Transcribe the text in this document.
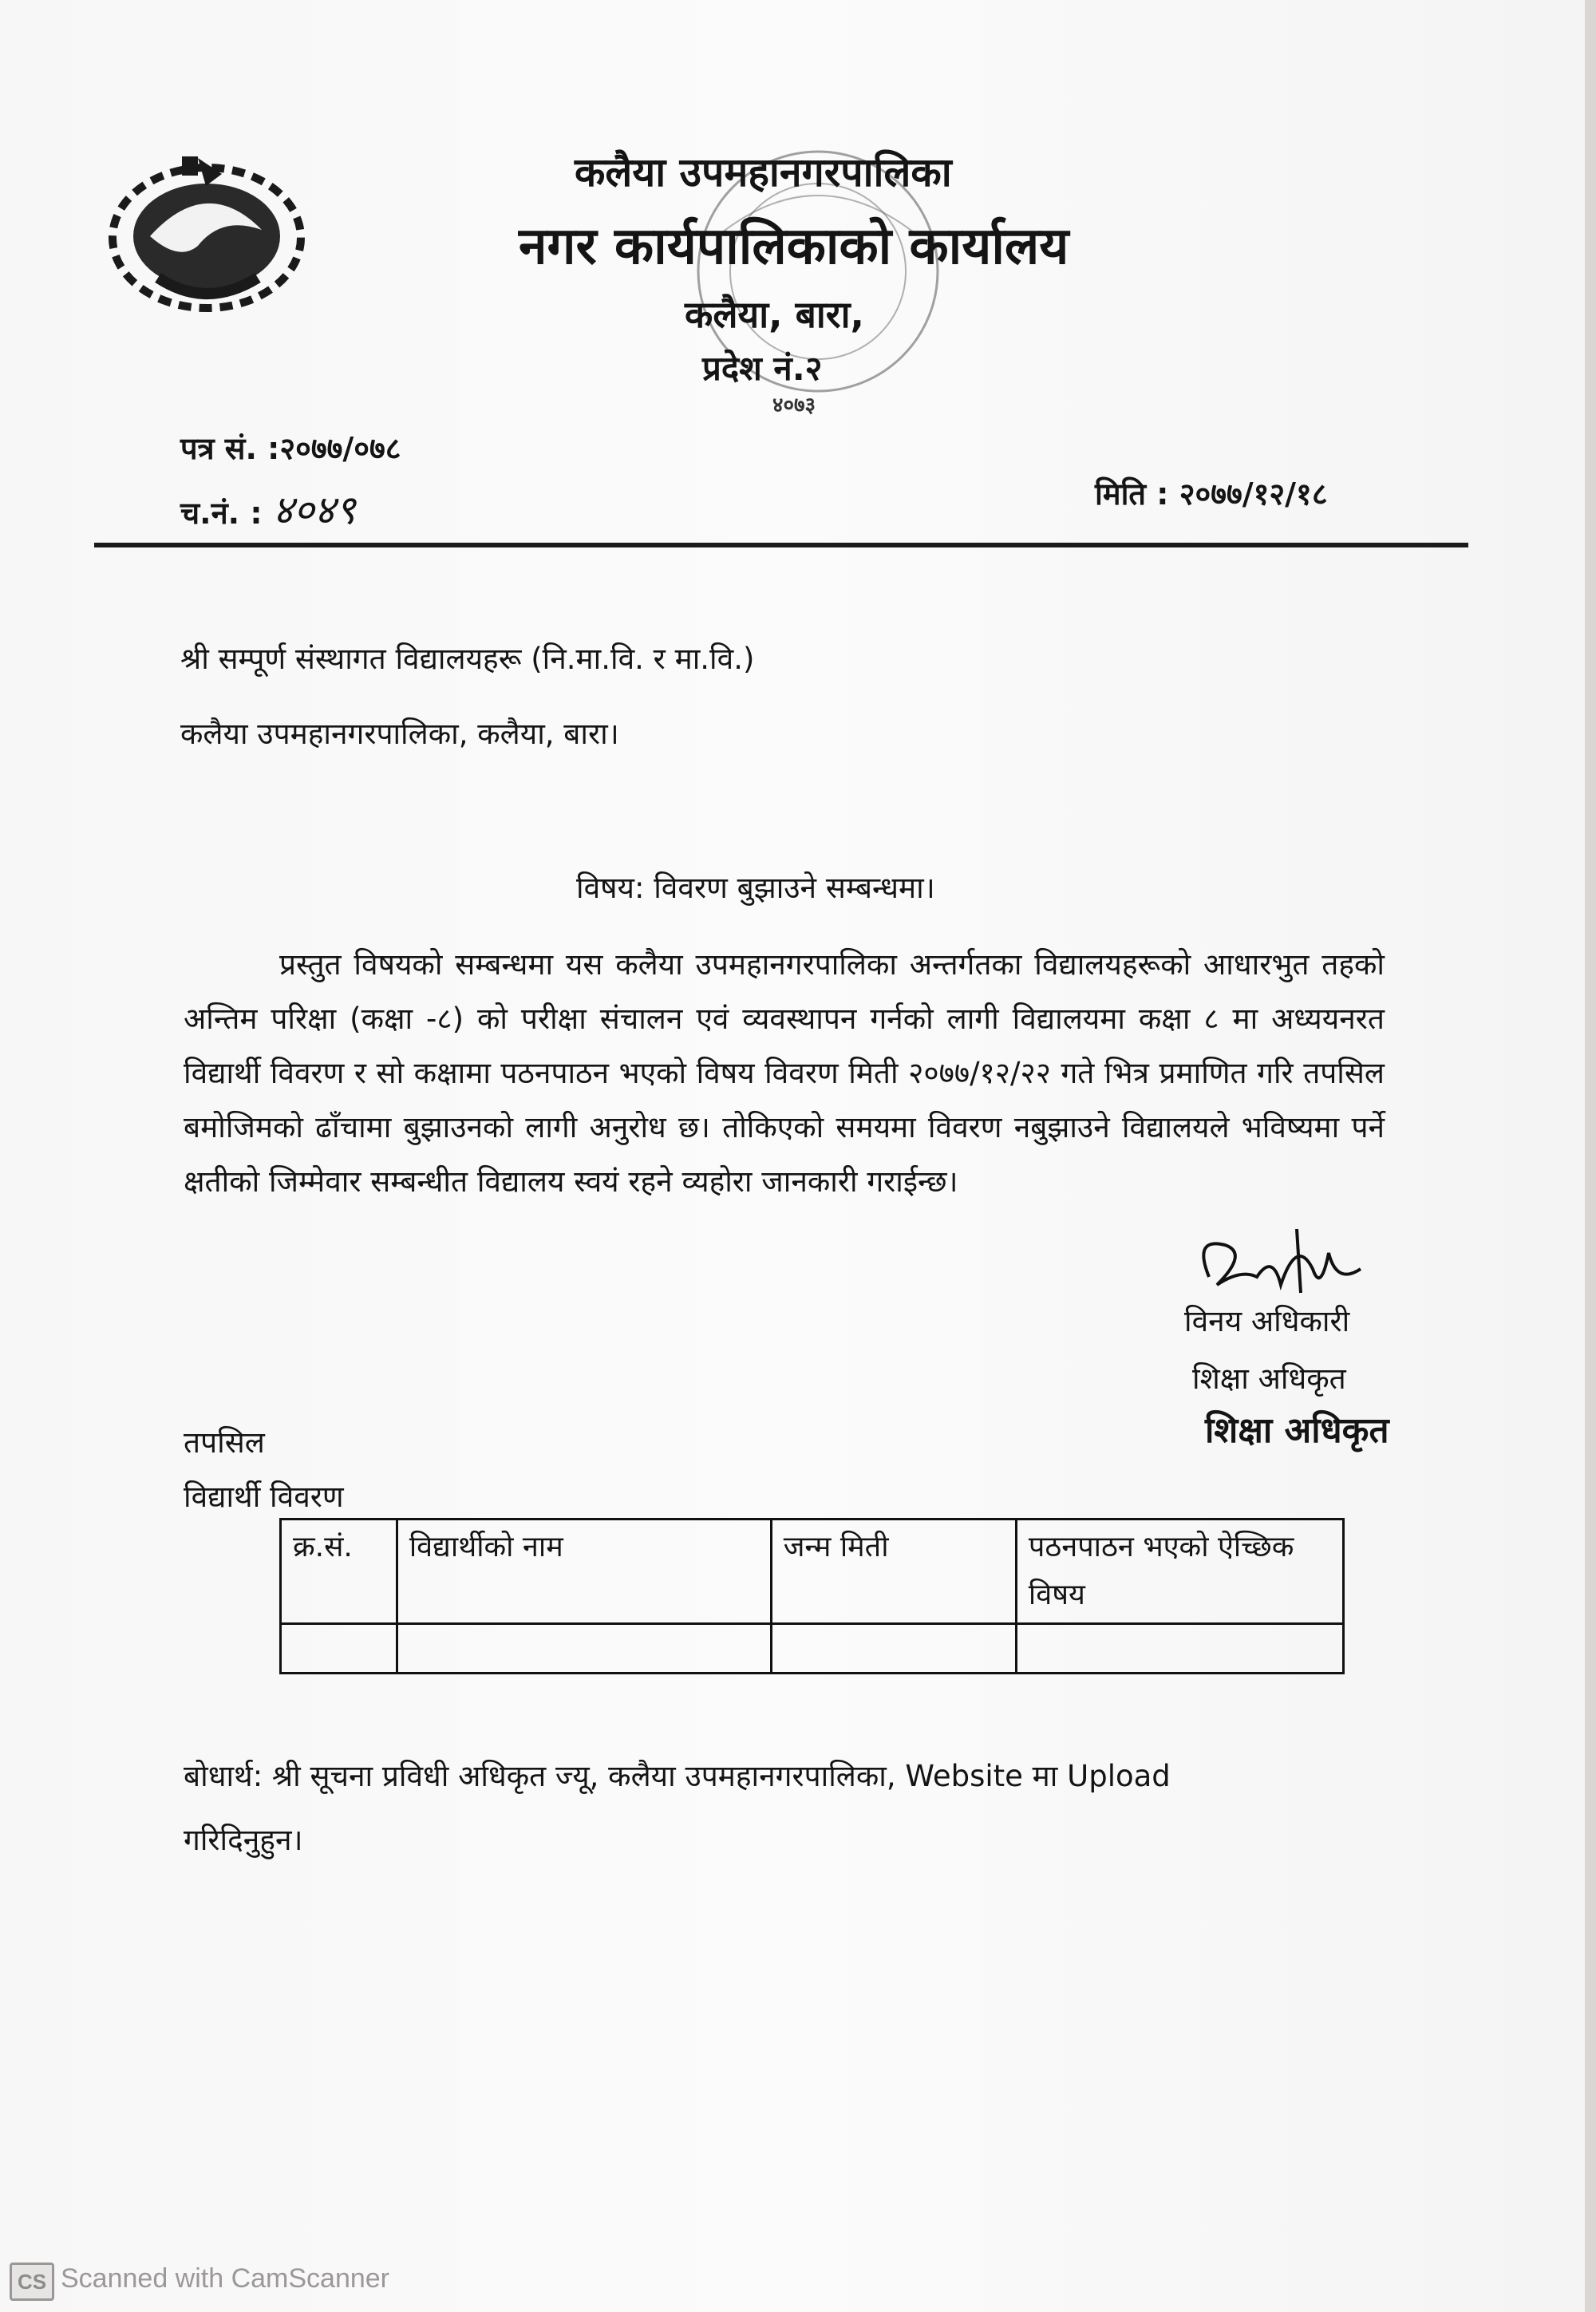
४०७३
कलैया उपमहानगरपालिका
नगर कार्यपालिकाको कार्यालय
कलैया, बारा,
प्रदेश नं.२
पत्र सं. :२०७७/०७८
च.नं. : ४०४९	मिति : २०७७/१२/१८
श्री सम्पूर्ण संस्थागत विद्यालयहरू (नि.मा.वि. र मा.वि.)
कलैया उपमहानगरपालिका, कलैया, बारा।
विषय: विवरण बुझाउने सम्बन्धमा।

प्रस्तुत विषयको सम्बन्धमा यस कलैया उपमहानगरपालिका अन्तर्गतका विद्यालयहरूको आधारभुत तहको अन्तिम परिक्षा (कक्षा -८) को परीक्षा संचालन एवं व्यवस्थापन गर्नको लागी विद्यालयमा कक्षा ८ मा अध्ययनरत विद्यार्थी विवरण र सो कक्षामा पठनपाठन भएको विषय विवरण मिती २०७७/१२/२२ गते भित्र प्रमाणित गरि तपसिल बमोजिमको ढाँचामा बुझाउनको लागी अनुरोध छ। तोकिएको समयमा विवरण नबुझाउने विद्यालयले भविष्यमा पर्ने क्षतीको जिम्मेवार सम्बन्धीत विद्यालय स्वयं रहने व्यहोरा जानकारी गराईन्छ।

विनय अधिकारी
शिक्षा अधिकृत
शिक्षा अधिकृत
तपसिल
विद्यार्थी विवरण
क्र.सं.	विद्यार्थीको नाम	जन्म मिती	पठनपाठन भएको ऐच्छिक विषय

बोधार्थ: श्री सूचना प्रविधी अधिकृत ज्यू, कलैया उपमहानगरपालिका, Website मा Upload
गरिदिनुहुन।
CS Scanned with CamScanner
